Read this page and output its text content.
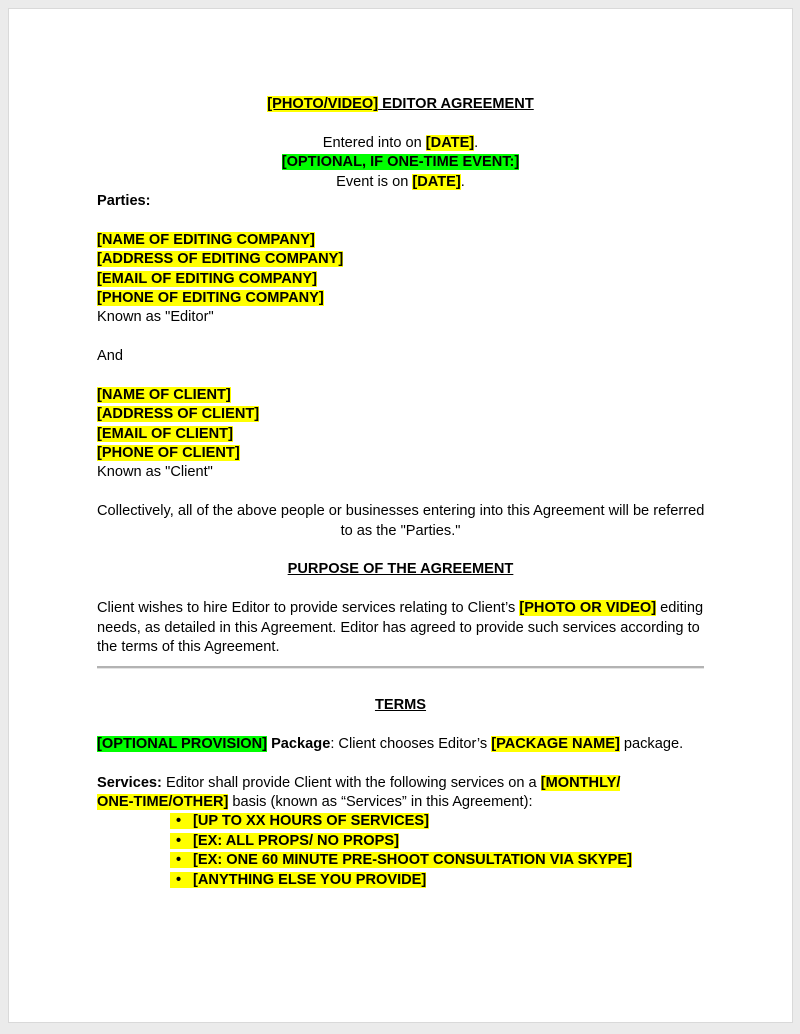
[PHOTO/VIDEO] EDITOR AGREEMENT
Entered into on [DATE].
[OPTIONAL, IF ONE-TIME EVENT:]
Event is on [DATE].
Parties:
[NAME OF EDITING COMPANY]
[ADDRESS OF EDITING COMPANY]
[EMAIL OF EDITING COMPANY]
[PHONE OF EDITING COMPANY]
Known as "Editor"
And
[NAME OF CLIENT]
[ADDRESS OF CLIENT]
[EMAIL OF CLIENT]
[PHONE OF CLIENT]
Known as "Client"
Collectively, all of the above people or businesses entering into this Agreement will be referred
to as the "Parties."
PURPOSE OF THE AGREEMENT
Client wishes to hire Editor to provide services relating to Client’s [PHOTO OR VIDEO] editing
needs, as detailed in this Agreement. Editor has agreed to provide such services according to
the terms of this Agreement.
TERMS
[OPTIONAL PROVISION] Package: Client chooses Editor’s [PACKAGE NAME] package.
Services: Editor shall provide Client with the following services on a [MONTHLY/
ONE-TIME/OTHER] basis (known as “Services” in this Agreement):
• [UP TO XX HOURS OF SERVICES]
• [EX: ALL PROPS/ NO PROPS]
• [EX: ONE 60 MINUTE PRE-SHOOT CONSULTATION VIA SKYPE]
• [ANYTHING ELSE YOU PROVIDE]
